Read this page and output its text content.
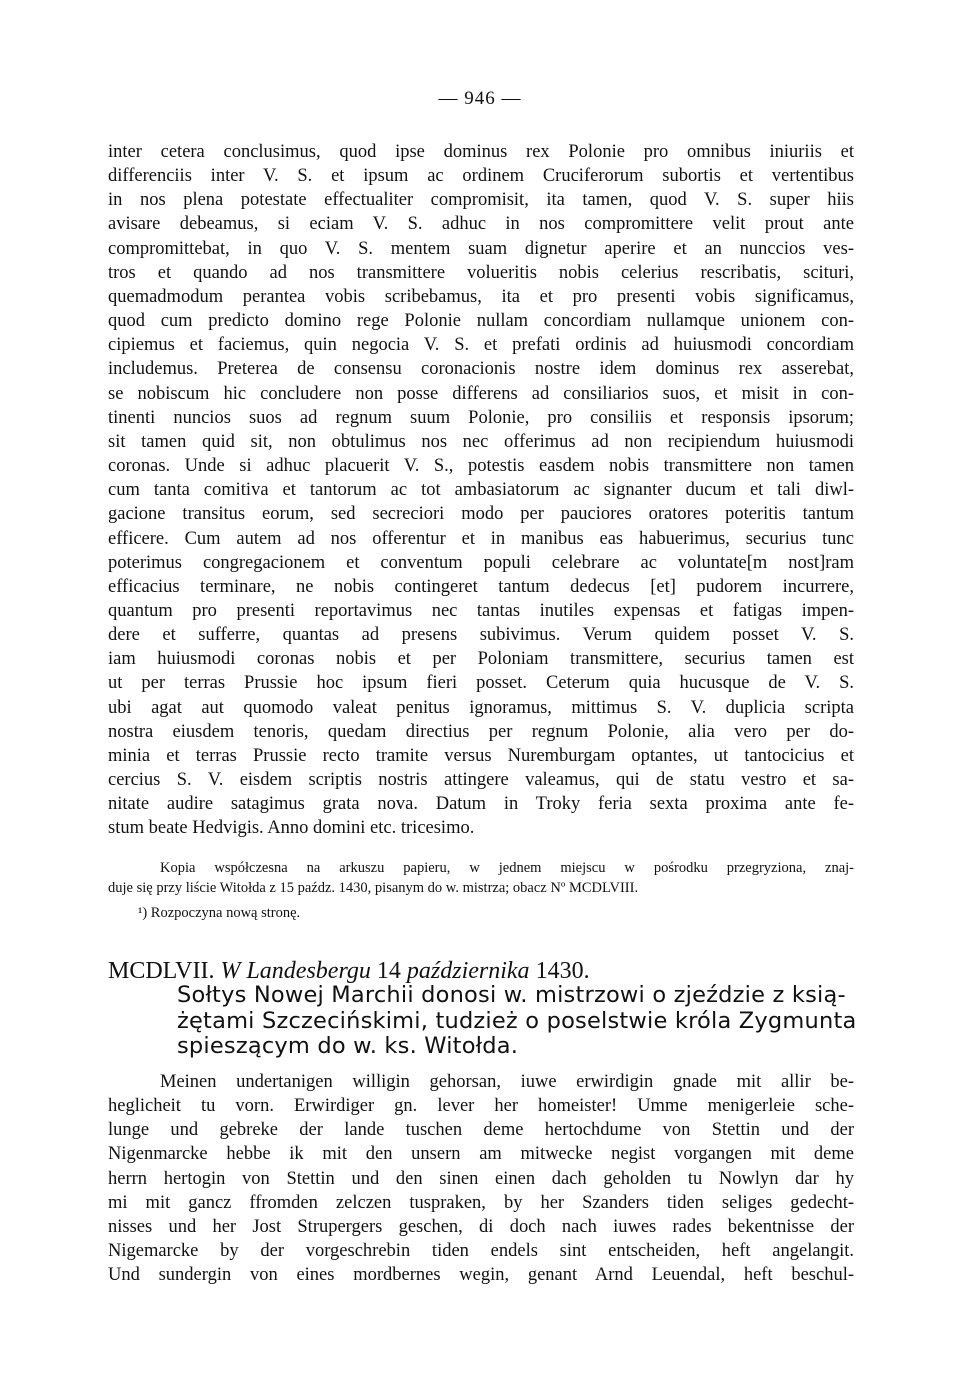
— 946 —
inter cetera conclusimus, quod ipse dominus rex Polonie pro omnibus iniuriis et
differenciis inter V. S. et ipsum ac ordinem Cruciferorum subortis et vertentibus
in nos plena potestate effectualiter compromisit, ita tamen, quod V. S. super hiis
avisare debeamus, si eciam V. S. adhuc in nos compromittere velit prout ante
compromittebat, in quo V. S. mentem suam dignetur aperire et an nunccios ves-
tros et quando ad nos transmittere volueritis nobis celerius rescribatis, scituri,
quemadmodum perantea vobis scribebamus, ita et pro presenti vobis significamus,
quod cum predicto domino rege Polonie nullam concordiam nullamque unionem con-
cipiemus et faciemus, quin negocia V. S. et prefati ordinis ad huiusmodi concordiam
includemus. Preterea de consensu coronacionis nostre idem dominus rex asserebat,
se nobiscum hic concludere non posse differens ad consiliarios suos, et misit in con-
tinenti nuncios suos ad regnum suum Polonie, pro consiliis et responsis ipsorum;
sit tamen quid sit, non obtulimus nos nec offerimus ad non recipiendum huiusmodi
coronas. Unde si adhuc placuerit V. S., potestis easdem nobis transmittere non tamen
cum tanta comitiva et tantorum ac tot ambasiatorum ac signanter ducum et tali diwl-
gacione transitus eorum, sed secreciori modo per pauciores oratores poteritis tantum
efficere. Cum autem ad nos offerentur et in manibus eas habuerimus, securius tunc
poterimus congregacionem et conventum populi celebrare ac voluntate[m nost]ram
efficacius terminare, ne nobis contingeret tantum dedecus [et] pudorem incurrere,
quantum pro presenti reportavimus nec tantas inutiles expensas et fatigas impen-
dere et sufferre, quantas ad presens subivimus. Verum quidem posset V. S.
iam huiusmodi coronas nobis et per Poloniam transmittere, securius tamen est
ut per terras Prussie hoc ipsum fieri posset. Ceterum quia hucusque de V. S.
ubi agat aut quomodo valeat penitus ignoramus, mittimus S. V. duplicia scripta
nostra eiusdem tenoris, quedam directius per regnum Polonie, alia vero per do-
minia et terras Prussie recto tramite versus Nuremburgam optantes, ut tantocicius et
cercius S. V. eisdem scriptis nostris attingere valeamus, qui de statu vestro et sa-
nitate audire satagimus grata nova. Datum in Troky feria sexta proxima ante fe-
stum beate Hedvigis. Anno domini etc. tricesimo.
Kopia współczesna na arkuszu papieru, w jednem miejscu w pośrodku przegryziona, znaj-
duje się przy liście Witołda z 15 paźdz. 1430, pisanym do w. mistrza; obacz Nº MCDLVIII.
¹) Rozpoczyna nową stronę.
MCDLVII. W Landesbergu 14 października 1430.
Sołtys Nowej Marchii donosi w. mistrzowi o zjeździe z ksią-
żętami Szczecińskimi, tudzież o poselstwie króla Zygmunta
spieszącym do w. ks. Witołda.
Meinen undertanigen willigin gehorsan, iuwe erwirdigin gnade mit allir be-
heglicheit tu vorn. Erwirdiger gn. lever her homeister! Umme menigerleie sche-
lunge und gebreke der lande tuschen deme hertochdume von Stettin und der
Nigenmarcke hebbe ik mit den unsern am mitwecke negist vorgangen mit deme
herrn hertogin von Stettin und den sinen einen dach geholden tu Nowlyn dar hy
mi mit gancz ffromden zelczen tuspraken, by her Szanders tiden seliges gedecht-
nisses und her Jost Strupergers geschen, di doch nach iuwes rades bekentnisse der
Nigemarcke by der vorgeschrebin tiden endels sint entscheiden, heft angelangit.
Und sundergin von eines mordbernes wegin, genant Arnd Leuendal, heft beschul-
